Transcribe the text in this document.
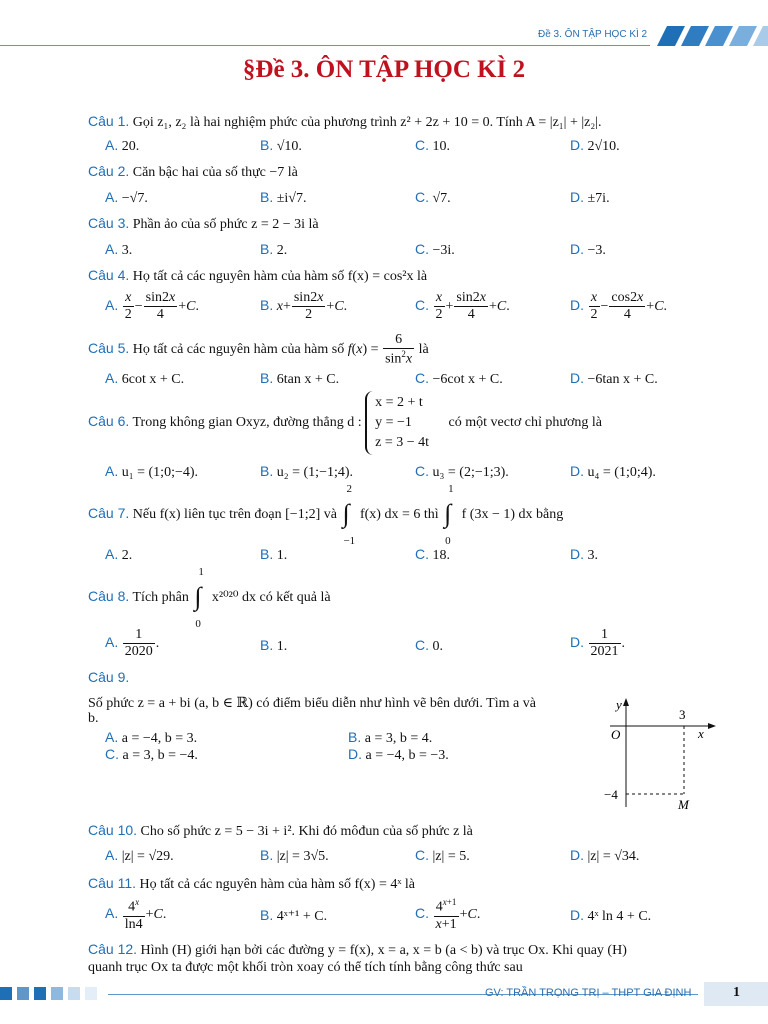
Đề 3. ÔN TẬP HỌC KÌ 2
§Đề 3. ÔN TẬP HỌC KÌ 2
Câu 1. Gọi z₁, z₂ là hai nghiệm phức của phương trình z² + 2z + 10 = 0. Tính A = |z₁| + |z₂|.
A. 20.	B. √10.	C. 10.	D. 2√10.
Câu 2. Căn bậc hai của số thực −7 là
A. −√7.	B. ±i√7.	C. √7.	D. ±7i.
Câu 3. Phần ảo của số phức z = 2 − 3i là
A. 3.	B. 2.	C. −3i.	D. −3.
Câu 4. Họ tất cả các nguyên hàm của hàm số f(x) = cos²x là
A. $\frac{x}{2} - \frac{\sin 2x}{4} +C$.	B. $x+ \frac{\sin 2x}{2} +C$.	C. $\frac{x}{2} + \frac{\sin 2x}{4} +C$.	D. $\frac{x}{2} - \frac{\cos 2x}{4} +C$.
Câu 5. Họ tất cả các nguyên hàm của hàm số $f(x) = \frac{6}{\sin^2x}$ là
A. 6cot x + C.	B. 6tan x + C.	C. −6cot x + C.	D. −6tan x + C.
Câu 6. Trong không gian Oxyz, đường thẳng d :
x = 2 + t
y = −1
z = 3 − 4t
có một vectơ chỉ phương là
A. u₁ = (1;0;−4).	B. u₂ = (1;−1;4).	C. u₃ = (2;−1;3).	D. u₄ = (1;0;4).
Câu 7. Nếu f(x) liên tục trên đoạn [−1;2] và
2
∫
−1
f(x) dx = 6 thì
1
∫
0
f (3x − 1) dx bằng
A. 2.	B. 1.	C. 18.	D. 3.
Câu 8. Tích phân
1
∫
0
x²⁰²⁰ dx có kết quả là
A. $\frac{1}{2020}$ .	B. 1.	C. 0.	D. $\frac{1}{2021}$ .
Câu 9.
Số phức z = a + bi (a, b ∈ ℝ) có điểm biểu diễn như hình vẽ bên dưới. Tìm a và
b.
A. a = −4, b = 3.	B. a = 3, b = 4.
C. a = 3, b = −4.	D. a = −4, b = −3.
y
x
O
3
−4
M
Câu 10. Cho số phức z = 5 − 3i + i². Khi đó môđun của số phức z là
A. |z| = √29.	B. |z| = 3√5.	C. |z| = 5.	D. |z| = √34.
Câu 11. Họ tất cả các nguyên hàm của hàm số f(x) = 4ˣ là
A. $\frac{4^x}{\ln 4} +C$.	B. 4ˣ⁺¹ + C.	C. $\frac{4^{x+1}}{x+1} +C$.	D. 4ˣ ln 4 + C.
Câu 12. Hình (H) giới hạn bởi các đường y = f(x), x = a, x = b (a < b) và trục Ox. Khi quay (H)
quanh trục Ox ta được một khối tròn xoay có thể tích tính bằng công thức sau
GV: TRẦN TRỌNG TRỊ – THPT GIA ĐỊNH	1
